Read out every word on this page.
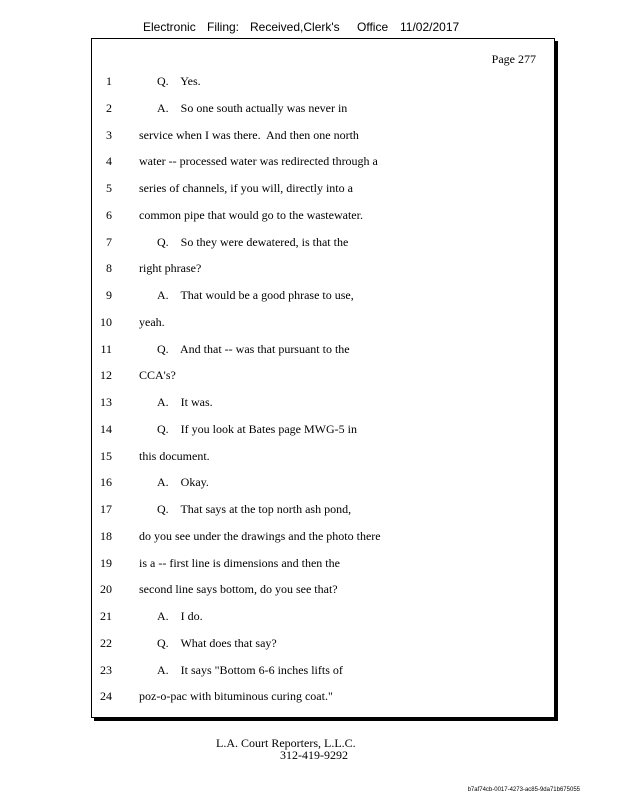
Electronic Filing: Received,Clerk's Office 11/02/2017
Page 277
1	Q.    Yes.
2	A.    So one south actually was never in
3 service when I was there.  And then one north
4 water -- processed water was redirected through a
5 series of channels, if you will, directly into a
6 common pipe that would go to the wastewater.
7	Q.    So they were dewatered, is that the
8 right phrase?
9	A.    That would be a good phrase to use,
10 yeah.
11	Q.    And that -- was that pursuant to the
12 CCA's?
13	A.    It was.
14	Q.    If you look at Bates page MWG-5 in
15 this document.
16	A.    Okay.
17	Q.    That says at the top north ash pond,
18 do you see under the drawings and the photo there
19 is a -- first line is dimensions and then the
20 second line says bottom, do you see that?
21	A.    I do.
22	Q.    What does that say?
23	A.    It says "Bottom 6-6 inches lifts of
24 poz-o-pac with bituminous curing coat."
L.A. Court Reporters, L.L.C.
312-419-9292
b7af74cb-0017-4273-ac85-9da71b675055
